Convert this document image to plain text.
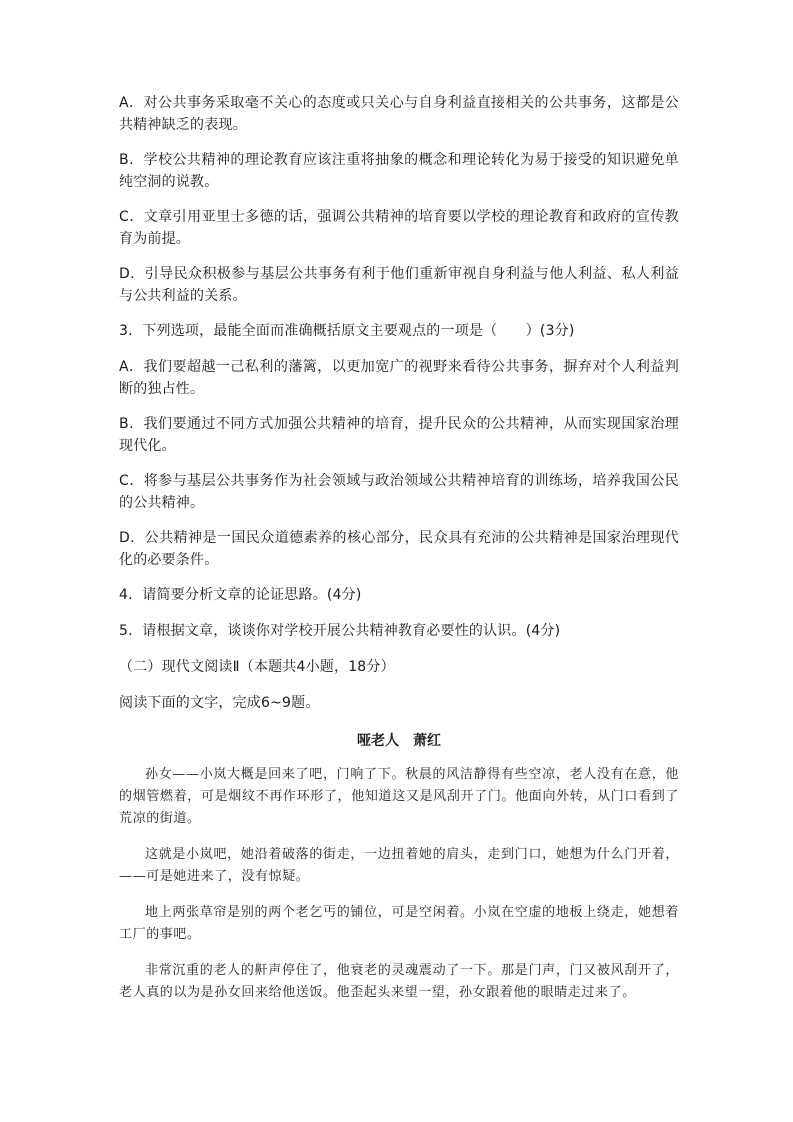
A．对公共事务采取毫不关心的态度或只关心与自身利益直接相关的公共事务，这都是公共精神缺乏的表现。

B．学校公共精神的理论教育应该注重将抽象的概念和理论转化为易于接受的知识避免单纯空洞的说教。

C．文章引用亚里士多德的话，强调公共精神的培育要以学校的理论教育和政府的宣传教育为前提。

D．引导民众积极参与基层公共事务有利于他们重新审视自身利益与他人利益、私人利益与公共利益的关系。

3．下列选项，最能全面而准确概括原文主要观点的一项是（　　）(3分)

A．我们要超越一己私利的藩篱，以更加宽广的视野来看待公共事务，摒弃对个人利益判断的独占性。

B．我们要通过不同方式加强公共精神的培育，提升民众的公共精神，从而实现国家治理现代化。

C．将参与基层公共事务作为社会领域与政治领域公共精神培育的训练场，培养我国公民的公共精神。

D．公共精神是一国民众道德素养的核心部分，民众具有充沛的公共精神是国家治理现代化的必要条件。

4．请简要分析文章的论证思路。(4分)

5．请根据文章，谈谈你对学校开展公共精神教育必要性的认识。(4分)

（二）现代文阅读Ⅱ（本题共4小题，18分）

阅读下面的文字，完成6~9题。

哑老人 萧红

孙女——小岚大概是回来了吧，门响了下。秋晨的风洁静得有些空凉，老人没有在意，他的烟管燃着，可是烟纹不再作环形了，他知道这又是风刮开了门。他面向外转，从门口看到了荒凉的街道。

这就是小岚吧，她沿着破落的街走，一边扭着她的肩头，走到门口，她想为什么门开着，——可是她进来了，没有惊疑。

地上两张草帘是别的两个老乞丐的铺位，可是空闲着。小岚在空虚的地板上绕走，她想着工厂的事吧。

非常沉重的老人的鼾声停住了，他衰老的灵魂震动了一下。那是门声，门又被风刮开了，老人真的以为是孙女回来给他送饭。他歪起头来望一望，孙女跟着他的眼睛走过来了。
